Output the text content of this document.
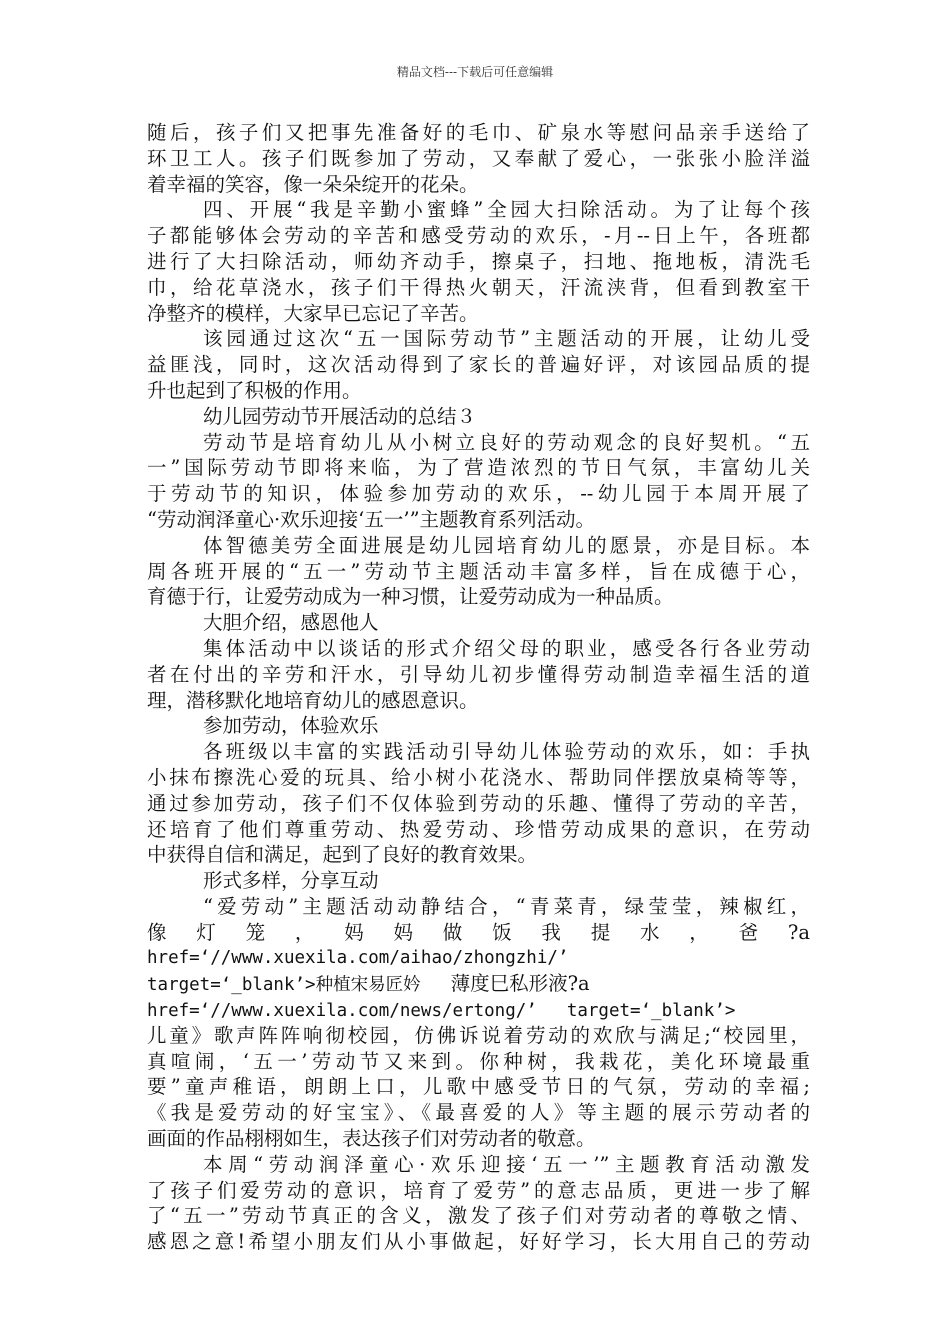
精品文档---下载后可任意编辑
随后，孩子们又把事先准备好的毛巾、矿泉水等慰问品亲手送给了
环卫工人。孩子们既参加了劳动，又奉献了爱心，一张张小脸洋溢
着幸福的笑容，像一朵朵绽开的花朵。
四、开展“我是辛勤小蜜蜂”全园大扫除活动。为了让每个孩
子都能够体会劳动的辛苦和感受劳动的欢乐，-月--日上午，各班都
进行了大扫除活动，师幼齐动手，擦桌子，扫地、拖地板，清洗毛
巾，给花草浇水，孩子们干得热火朝天，汗流浃背，但看到教室干
净整齐的模样，大家早已忘记了辛苦。
该园通过这次“五一国际劳动节”主题活动的开展，让幼儿受
益匪浅，同时，这次活动得到了家长的普遍好评，对该园品质的提
升也起到了积极的作用。
幼儿园劳动节开展活动的总结３
劳动节是培育幼儿从小树立良好的劳动观念的良好契机。“五
一”国际劳动节即将来临，为了营造浓烈的节日气氛，丰富幼儿关
于劳动节的知识，体验参加劳动的欢乐，--幼儿园于本周开展了
“劳动润泽童心·欢乐迎接‘五一’”主题教育系列活动。
体智德美劳全面进展是幼儿园培育幼儿的愿景，亦是目标。本
周各班开展的“五一”劳动节主题活动丰富多样，旨在成德于心，
育德于行，让爱劳动成为一种习惯，让爱劳动成为一种品质。
大胆介绍，感恩他人
集体活动中以谈话的形式介绍父母的职业，感受各行各业劳动
者在付出的辛劳和汗水，引导幼儿初步懂得劳动制造幸福生活的道
理，潜移默化地培育幼儿的感恩意识。
参加劳动，体验欢乐
各班级以丰富的实践活动引导幼儿体验劳动的欢乐，如：手执
小抹布擦洗心爱的玩具、给小树小花浇水、帮助同伴摆放桌椅等等，
通过参加劳动，孩子们不仅体验到劳动的乐趣、懂得了劳动的辛苦，
还培育了他们尊重劳动、热爱劳动、珍惜劳动成果的意识，在劳动
中获得自信和满足，起到了良好的教育效果。
形式多样，分享互动
“爱劳动”主题活动动静结合，“青菜青，绿莹莹，辣椒红，
像灯笼，妈妈做饭我提水，爸?a
href=‘//www.xuexila.com/aihao/zhongzhi/’
target=‘_blank’>种植宋易匠妗 薄度巳私形液?a
href=‘//www.xuexila.com/news/ertong/’ target=‘_blank’>
儿童》歌声阵阵响彻校园，仿佛诉说着劳动的欢欣与满足;“校园里，
真喧闹，‘五一’劳动节又来到。你种树，我栽花，美化环境最重
要”童声稚语，朗朗上口，儿歌中感受节日的气氛，劳动的幸福;
《我是爱劳动的好宝宝》、《最喜爱的人》等主题的展示劳动者的
画面的作品栩栩如生，表达孩子们对劳动者的敬意。
本周“劳动润泽童心·欢乐迎接‘五一’”主题教育活动激发
了孩子们爱劳动的意识，培育了爱劳”的意志品质，更进一步了解
了“五一”劳动节真正的含义，激发了孩子们对劳动者的尊敬之情、
感恩之意!希望小朋友们从小事做起，好好学习，长大用自己的劳动
